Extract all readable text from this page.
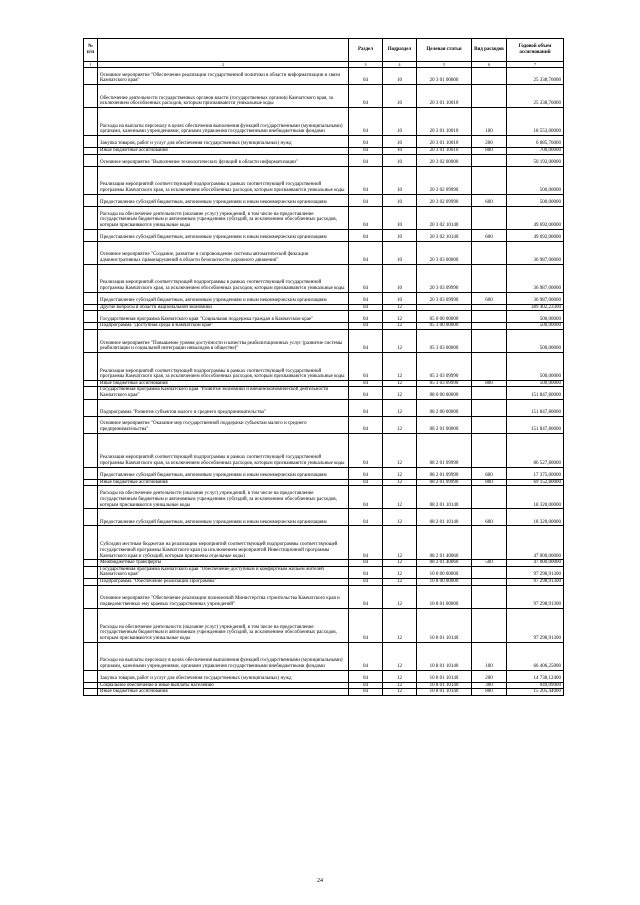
№ п/п		Раздел	Подраздел	Целевая статья	Вид расходов	Годовой объем ассигнований
1	2	3	4	5	6	7
	Основное мероприятие "Обеспечение реализации государственной политики в области информатизации и связи Камчатского края"	04	10	20 3 01 00000		25 338,76000
	Обеспечение деятельности государственных органов власти (государственных органов) Камчатского края, за исключением обособленных расходов, которым присваиваются уникальные коды	04	10	20 3 01 10010		25 338,76000
	Расходы на выплаты персоналу в целях обеспечения выполнения функций государственными (муниципальными) органами, казенными учреждениями, органами управления государственными внебюджетными фондами	04	10	20 3 01 10010	100	18 553,00000
	Закупка товаров, работ и услуг для обеспечения государственных (муниципальных) нужд	04	10	20 3 01 10010	200	6 085,76000
	Иные бюджетные ассигнования	04	10	20 3 01 10010	800	700,00000
	Основное мероприятие "Выполнение технологических функций в области информатизации"	04	10	20 3 02 00000		50 192,00000
	Реализация мероприятий соответствующей подпрограммы в рамках соответствующей государственной программы Камчатского края, за исключением обособленных расходов, которым присваиваются уникальные коды	04	10	20 3 02 09990		500,00000
	Предоставление субсидий бюджетным, автономным учреждениям и иным некоммерческим организациям	04	10	20 3 02 09990	600	500,00000
	Расходы на обеспечение деятельности (оказание услуг) учреждений, в том числе на предоставление государственным бюджетным и автономным учреждениям субсидий, за исключением обособленных расходов, которым присваиваются уникальные коды	04	10	20 3 02 10140		49 692,00000
	Предоставление субсидий бюджетным, автономным учреждениям и иным некоммерческим организациям	04	10	20 3 02 10140	600	49 692,00000
	Основное мероприятие "Создание, развитие и сопровождение системы автоматической фиксации административных правонарушений в области безопасности дорожного движения"	04	10	20 3 03 00000		36 987,00000
	Реализация мероприятий соответствующей подпрограммы в рамках соответствующей государственной программы Камчатского края, за исключением обособленных расходов, которым присваиваются уникальные коды	04	10	20 3 03 09990		36 987,00000
	Предоставление субсидий бюджетным, автономным учреждениям и иным некоммерческим организациям	04	10	20 3 03 09990	600	36 987,00000
	Другие вопросы в области национальной экономики	04	12			389 402,23300
	Государственная программа Камчатского края "Социальная поддержка граждан в Камчатском крае"	04	12	05 0 00 00000		500,00000
	Подпрограмма "Доступная среда в Камчатском крае"	04	12	05 3 00 00000		500,00000
	Основное мероприятие "Повышение уровня доступности и качества реабилитационных услуг (развитие системы реабилитации и социальной интеграции инвалидов в обществе)"	04	12	05 3 03 00000		500,00000
	Реализация мероприятий соответствующей подпрограммы в рамках соответствующей государственной программы Камчатского края, за исключением обособленных расходов, которым присваиваются уникальные коды	04	12	05 3 03 09990		500,00000
	Иные бюджетные ассигнования	04	12	05 3 03 09990	800	500,00000
	Государственная программа Камчатского края "Развитие экономики и внешнеэкономической деятельности Камчатского края"	04	12	08 0 00 00000		151 847,80000
	Подпрограмма "Развитие субъектов малого и среднего предпринимательства"	04	12	08 2 00 00000		151 847,80000
	Основное мероприятие "Оказание мер государственной поддержки субъектам малого и среднего предпринимательства"	04	12	08 2 01 00000		151 847,80000
	Реализация мероприятий соответствующей подпрограммы в рамках соответствующей государственной программы Камчатского края, за исключением обособленных расходов, которым присваиваются уникальные коды	04	12	08 2 01 09990		86 527,80000
	Предоставление субсидий бюджетным, автономным учреждениям и иным некоммерческим организациям	04	12	08 2 01 09990	600	17 375,00000
	Иные бюджетные ассигнования	04	12	08 2 01 09990	800	69 152,80000
	Расходы на обеспечение деятельности (оказание услуг) учреждений, в том числе на предоставление государственным бюджетным и автономным учреждениям субсидий, за исключением обособленных расходов, которым присваиваются уникальные коды	04	12	08 2 01 10140		18 320,00000
	Предоставление субсидий бюджетным, автономным учреждениям и иным некоммерческим организациям	04	12	08 2 01 10140	600	18 320,00000
	Субсидии местным бюджетам на реализацию мероприятий соответствующей подпрограммы соответствующей государственной программы Камчатского края (за исключением мероприятий Инвестиционной программы Камчатского края и субсидий, которым присвоены отдельные коды)	04	12	08 2 01 40060		47 000,00000
	Межбюджетные трансферты	04	12	08 2 01 40060	500	47 000,00000
	Государственная программа Камчатского края "Обеспечение доступным и комфортным жильем жителей Камчатского края"	04	12	10 0 00 00000		97 298,91300
	Подпрограмма "Обеспечение реализации Программы"	04	12	10 8 00 00000		97 298,91300
	Основное мероприятие "Обеспечение реализации полномочий Министерства строительства Камчатского края и подведомственных ему краевых государственных учреждений"	04	12	10 8 01 00000		97 298,91300
	Расходы на обеспечение деятельности (оказание услуг) учреждений, в том числе на предоставление государственным бюджетным и автономным учреждениям субсидий, за исключением обособленных расходов, которым присваиваются уникальные коды	04	12	10 8 01 10140		97 298,91300
	Расходы на выплаты персоналу в целях обеспечения выполнения функций государственными (муниципальными) органами, казенными учреждениями, органами управления государственными внебюджетными фондами	04	12	10 8 01 10140	100	66 406,25000
	Закупка товаров, работ и услуг для обеспечения государственных (муниципальных) нужд	04	12	10 8 01 10140	200	14 738,12400
	Социальное обеспечение и иные выплаты населению	04	12	10 8 01 10140	300	949,09900
	Иные бюджетные ассигнования	04	12	10 8 01 10140	800	15 205,44000
24
